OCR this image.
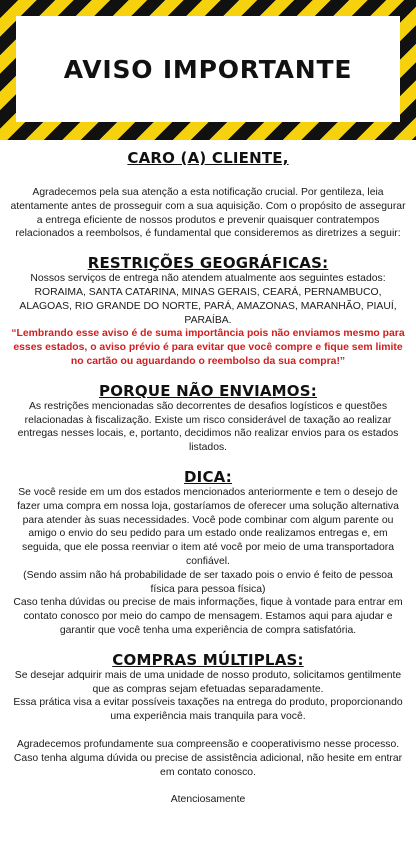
AVISO IMPORTANTE
CARO (A) CLIENTE,

Agradecemos pela sua atenção a esta notificação crucial. Por gentileza, leia atentamente antes de prosseguir com a sua aquisição. Com o propósito de assegurar a entrega eficiente de nossos produtos e prevenir quaisquer contratempos relacionados a reembolsos, é fundamental que consideremos as diretrizes a seguir:

RESTRIÇÕES GEOGRÁFICAS:

Nossos serviços de entrega não atendem atualmente aos seguintes estados:

RORAIMA, SANTA CATARINA, MINAS GERAIS, CEARÁ, PERNAMBUCO, ALAGOAS, RIO GRANDE DO NORTE, PARÁ, AMAZONAS, MARANHÃO, PIAUÍ, PARAÍBA.

“Lembrando esse aviso é de suma importância pois não enviamos mesmo para esses estados, o aviso prévio é para evitar que você compre e fique sem limite no cartão ou aguardando o reembolso da sua compra!”

PORQUE NÃO ENVIAMOS:

As restrições mencionadas são decorrentes de desafios logísticos e questões relacionadas à fiscalização. Existe um risco considerável de taxação ao realizar entregas nesses locais, e, portanto, decidimos não realizar envios para os estados listados.

DICA:

Se você reside em um dos estados mencionados anteriormente e tem o desejo de fazer uma compra em nossa loja, gostaríamos de oferecer uma solução alternativa para atender às suas necessidades. Você pode combinar com algum parente ou amigo o envio do seu pedido para um estado onde realizamos entregas e, em seguida, que ele possa reenviar o item até você por meio de uma transportadora confiável.

(Sendo assim não há probabilidade de ser taxado pois o envio é feito de pessoa física para pessoa física)

Caso tenha dúvidas ou precise de mais informações, fique à vontade para entrar em contato conosco por meio do campo de mensagem. Estamos aqui para ajudar e garantir que você tenha uma experiência de compra satisfatória.

COMPRAS MÚLTIPLAS:

Se desejar adquirir mais de uma unidade de nosso produto, solicitamos gentilmente que as compras sejam efetuadas separadamente.

Essa prática visa a evitar possíveis taxações na entrega do produto, proporcionando uma experiência mais tranquila para você.

Agradecemos profundamente sua compreensão e cooperativismo nesse processo. Caso tenha alguma dúvida ou precise de assistência adicional, não hesite em entrar em contato conosco.

Atenciosamente
